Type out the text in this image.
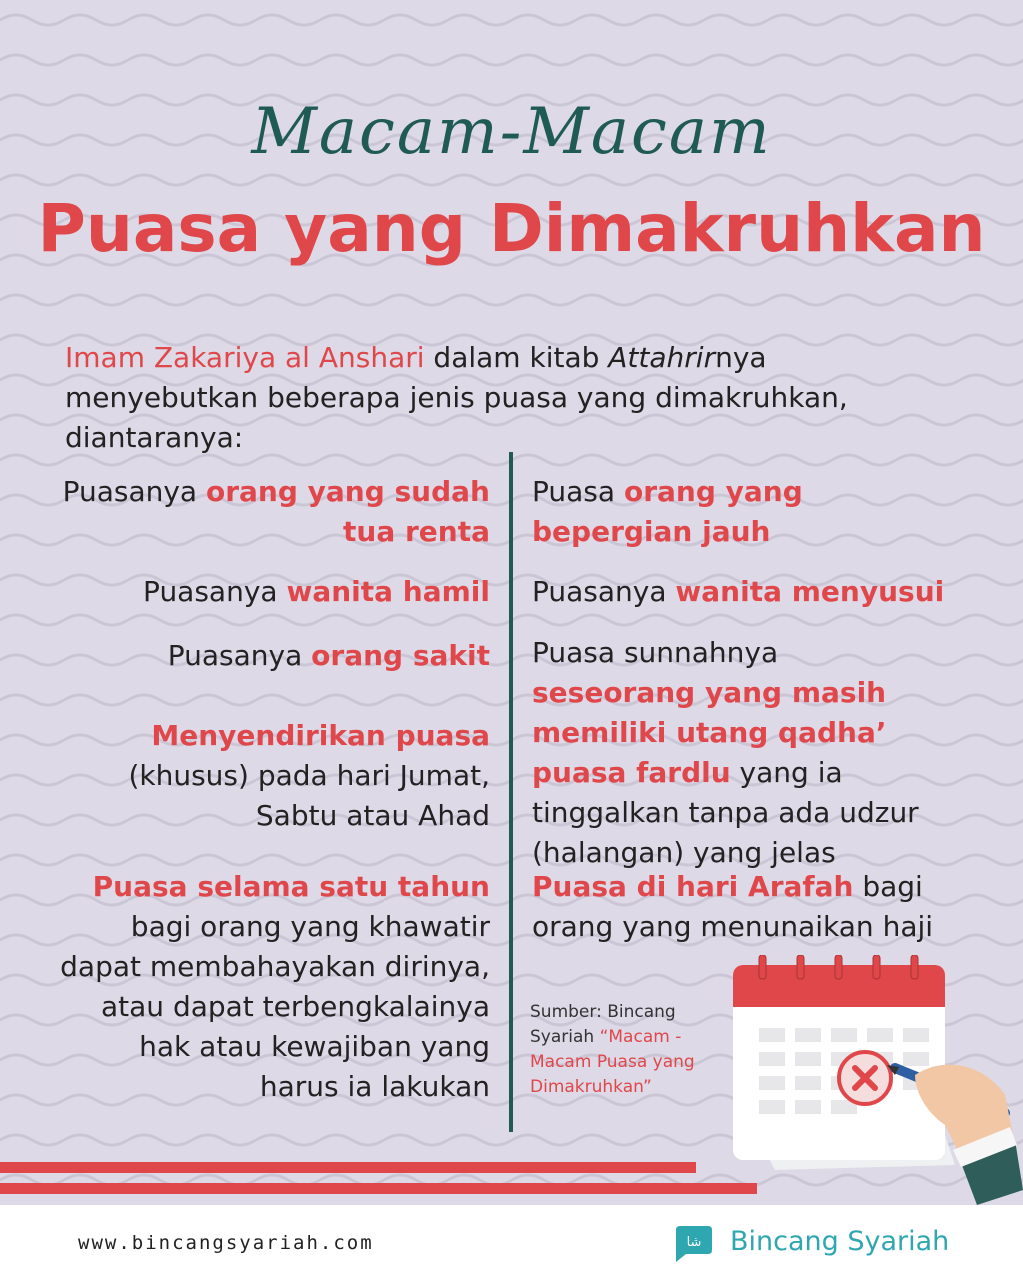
Macam-Macam
Puasa yang Dimakruhkan
Imam Zakariya al Anshari dalam kitab Attahrirnya menyebutkan beberapa jenis puasa yang dimakruhkan, diantaranya:
Puasanya orang yang sudah tua renta
Puasanya wanita hamil
Puasanya orang sakit
Menyendirikan puasa (khusus) pada hari Jumat, Sabtu atau Ahad
Puasa selama satu tahun bagi orang yang khawatir dapat membahayakan dirinya, atau dapat terbengkalainya hak atau kewajiban yang harus ia lakukan
Puasa orang yang bepergian jauh
Puasanya wanita menyusui
Puasa sunnahnya seseorang yang masih memiliki utang qadha’ puasa fardlu yang ia tinggalkan tanpa ada udzur (halangan) yang jelas
Puasa di hari Arafah bagi orang yang menunaikan haji
Sumber: Bincang Syariah “Macam - Macam Puasa yang Dimakruhkan”
www.bincangsyariah.com	شا Bincang Syariah
